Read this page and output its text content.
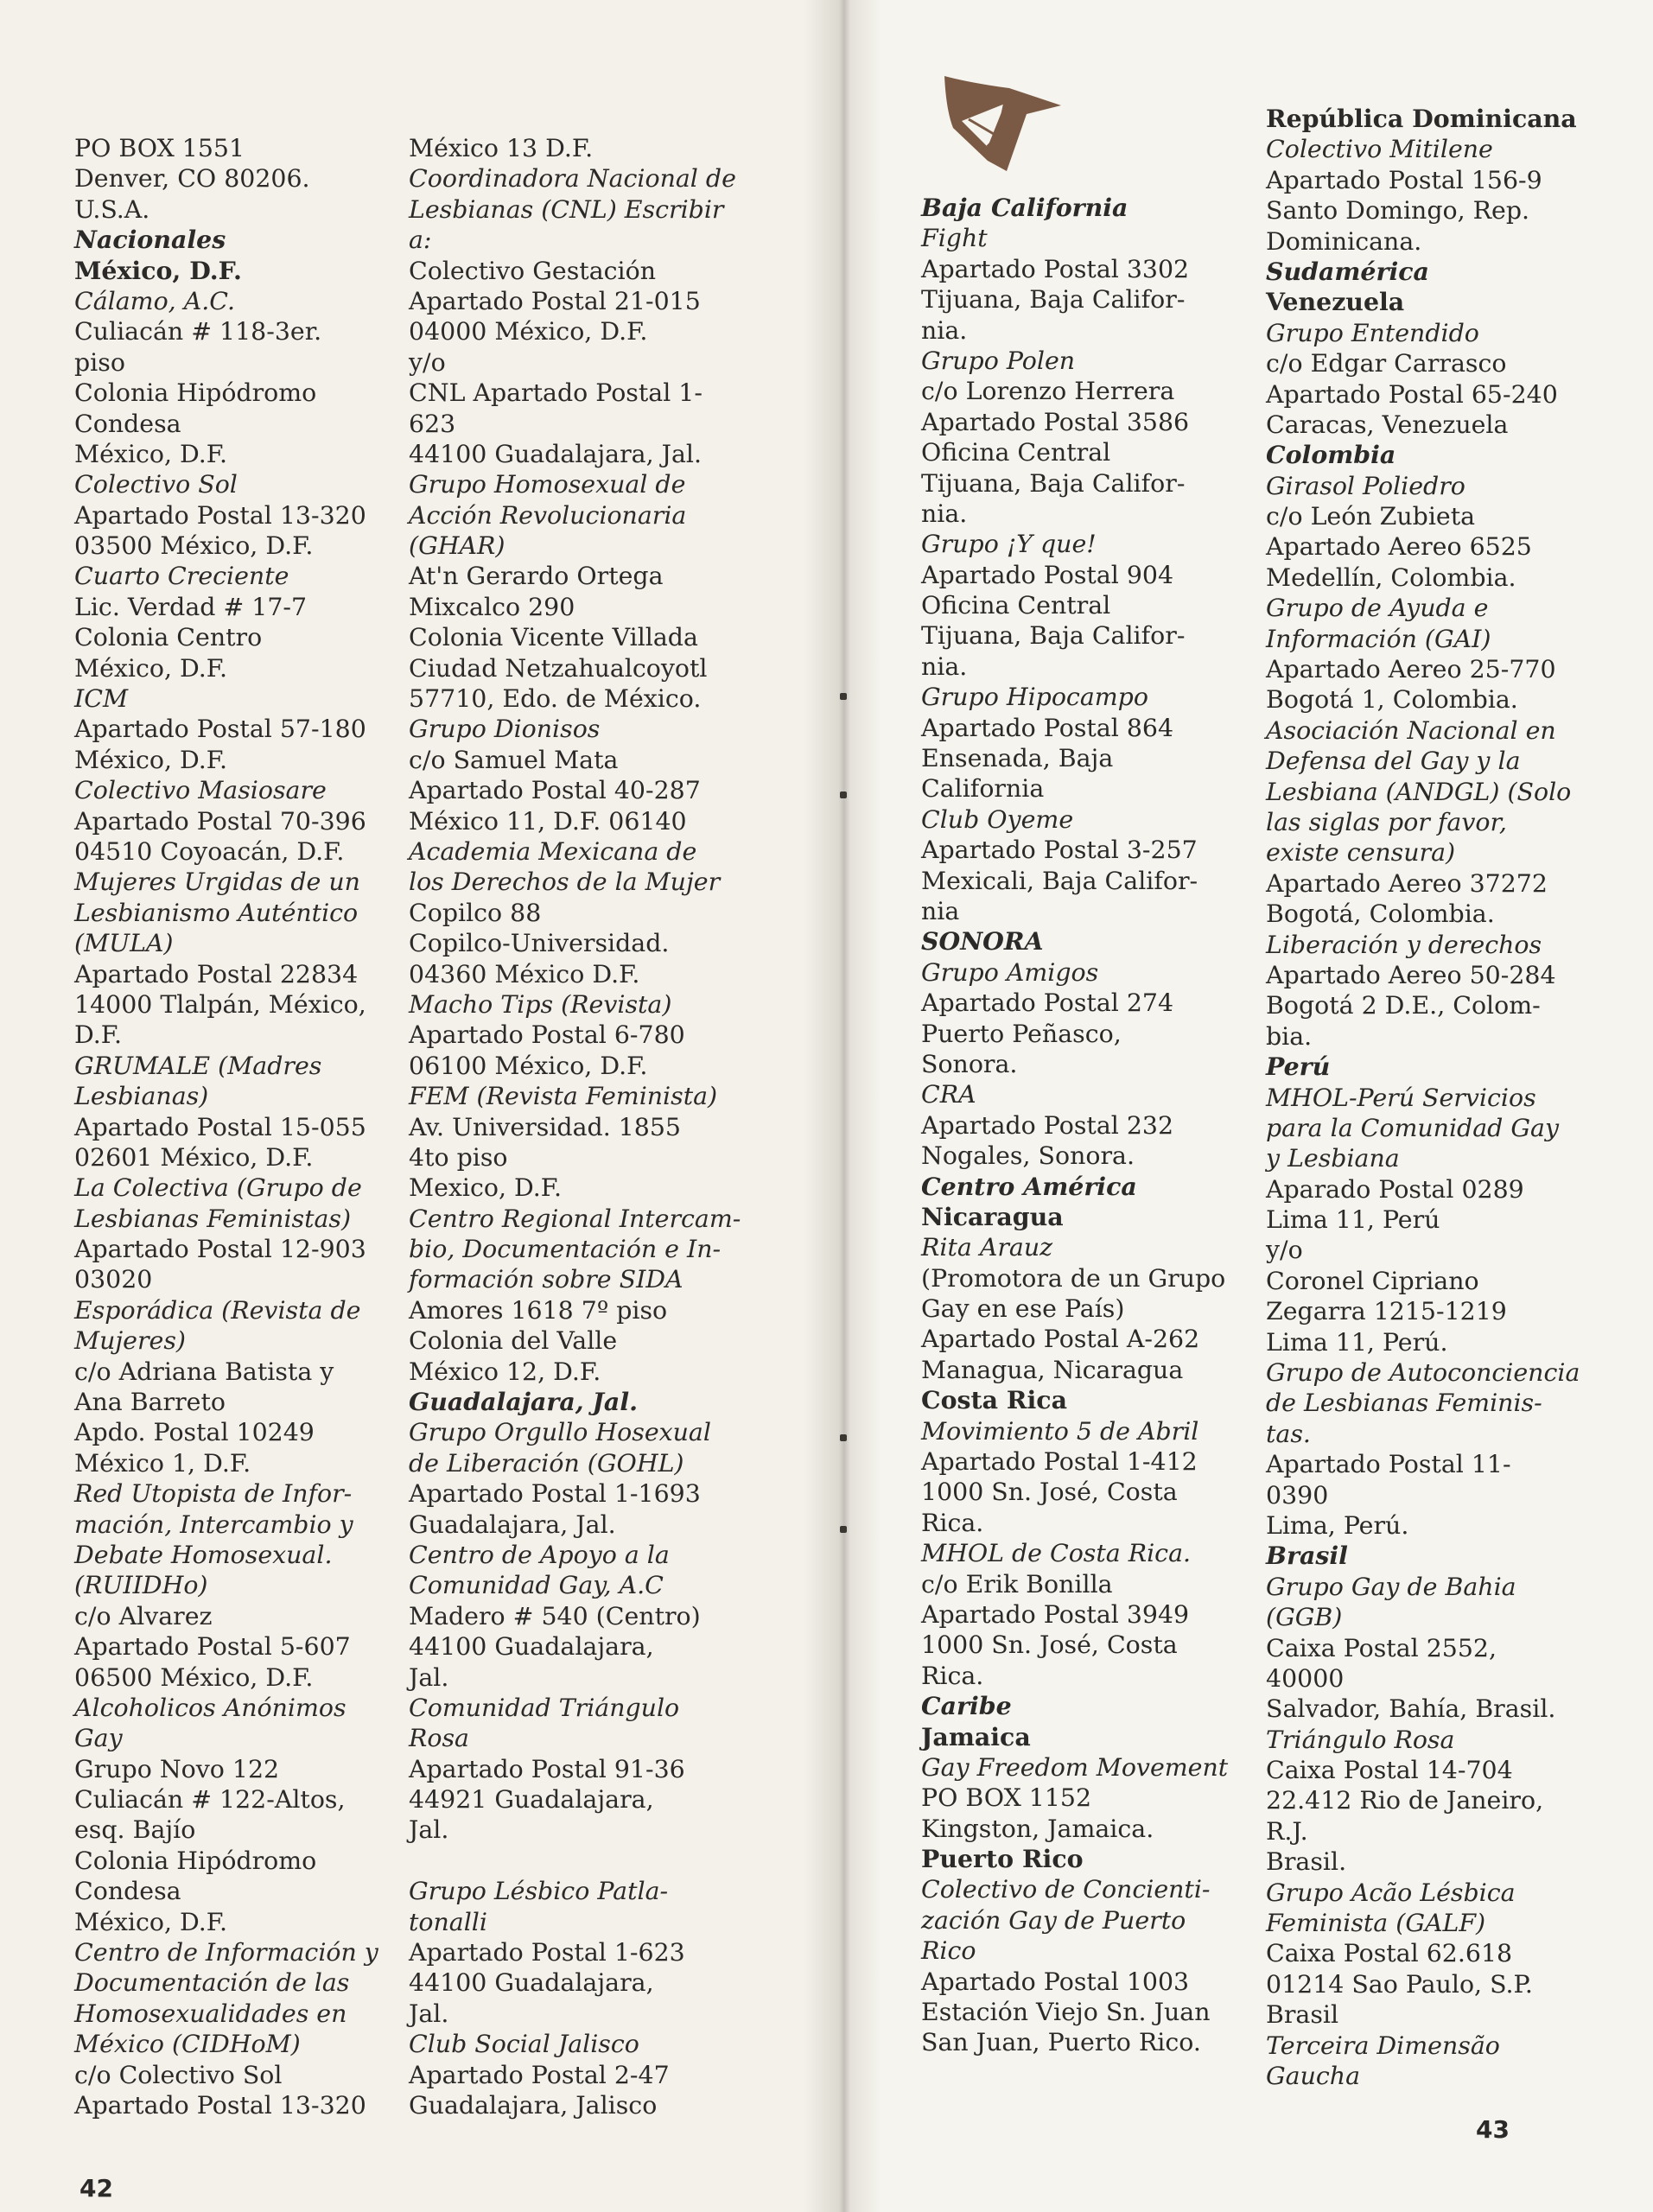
PO BOX 1551
Denver, CO 80206.
U.S.A.
Nacionales
México, D.F.
Cálamo, A.C.
Culiacán # 118-3er.
piso
Colonia Hipódromo
Condesa
México, D.F.
Colectivo Sol
Apartado Postal 13-320
03500 México, D.F.
Cuarto Creciente
Lic. Verdad # 17-7
Colonia Centro
México, D.F.
ICM
Apartado Postal 57-180
México, D.F.
Colectivo Masiosare
Apartado Postal 70-396
04510 Coyoacán, D.F.
Mujeres Urgidas de un
Lesbianismo Auténtico
(MULA)
Apartado Postal 22834
14000 Tlalpán, México,
D.F.
GRUMALE (Madres
Lesbianas)
Apartado Postal 15-055
02601 México, D.F.
La Colectiva (Grupo de
Lesbianas Feministas)
Apartado Postal 12-903
03020
Esporádica (Revista de
Mujeres)
c/o Adriana Batista y
Ana Barreto
Apdo. Postal 10249
México 1, D.F.
Red Utopista de Infor-
mación, Intercambio y
Debate Homosexual.
(RUIIDHo)
c/o Alvarez
Apartado Postal 5-607
06500 México, D.F.
Alcoholicos Anónimos
Gay
Grupo Novo 122
Culiacán # 122-Altos,
esq. Bajío
Colonia Hipódromo
Condesa
México, D.F.
Centro de Información y
Documentación de las
Homosexualidades en
México (CIDHoM)
c/o Colectivo Sol
Apartado Postal 13-320
México 13 D.F.
Coordinadora Nacional de
Lesbianas (CNL) Escribir
a:
Colectivo Gestación
Apartado Postal 21-015
04000 México, D.F.
y/o
CNL Apartado Postal 1-
623
44100 Guadalajara, Jal.
Grupo Homosexual de
Acción Revolucionaria
(GHAR)
At'n Gerardo Ortega
Mixcalco 290
Colonia Vicente Villada
Ciudad Netzahualcoyotl
57710, Edo. de México.
Grupo Dionisos
c/o Samuel Mata
Apartado Postal 40-287
México 11, D.F. 06140
Academia Mexicana de
los Derechos de la Mujer
Copilco 88
Copilco-Universidad.
04360 México D.F.
Macho Tips (Revista)
Apartado Postal 6-780
06100 México, D.F.
FEM (Revista Feminista)
Av. Universidad. 1855
4to piso
Mexico, D.F.
Centro Regional Intercam-
bio, Documentación e In-
formación sobre SIDA
Amores 1618 7º piso
Colonia del Valle
México 12, D.F.
Guadalajara, Jal.
Grupo Orgullo Hosexual
de Liberación (GOHL)
Apartado Postal 1-1693
Guadalajara, Jal.
Centro de Apoyo a la
Comunidad Gay, A.C
Madero # 540 (Centro)
44100 Guadalajara,
Jal.
Comunidad Triángulo
Rosa
Apartado Postal 91-36
44921 Guadalajara,
Jal.
Grupo Lésbico Patla-
tonalli
Apartado Postal 1-623
44100 Guadalajara,
Jal.
Club Social Jalisco
Apartado Postal 2-47
Guadalajara, Jalisco
Baja California
Fight
Apartado Postal 3302
Tijuana, Baja Califor-
nia.
Grupo Polen
c/o Lorenzo Herrera
Apartado Postal 3586
Oficina Central
Tijuana, Baja Califor-
nia.
Grupo ¡Y que!
Apartado Postal 904
Oficina Central
Tijuana, Baja Califor-
nia.
Grupo Hipocampo
Apartado Postal 864
Ensenada, Baja
California
Club Oyeme
Apartado Postal 3-257
Mexicali, Baja Califor-
nia
SONORA
Grupo Amigos
Apartado Postal 274
Puerto Peñasco,
Sonora.
CRA
Apartado Postal 232
Nogales, Sonora.
Centro América
Nicaragua
Rita Arauz
(Promotora de un Grupo
Gay en ese País)
Apartado Postal A-262
Managua, Nicaragua
Costa Rica
Movimiento 5 de Abril
Apartado Postal 1-412
1000 Sn. José, Costa
Rica.
MHOL de Costa Rica.
c/o Erik Bonilla
Apartado Postal 3949
1000 Sn. José, Costa
Rica.
Caribe
Jamaica
Gay Freedom Movement
PO BOX 1152
Kingston, Jamaica.
Puerto Rico
Colectivo de Concienti-
zación Gay de Puerto
Rico
Apartado Postal 1003
Estación Viejo Sn. Juan
San Juan, Puerto Rico.
República Dominicana
Colectivo Mitilene
Apartado Postal 156-9
Santo Domingo, Rep.
Dominicana.
Sudamérica
Venezuela
Grupo Entendido
c/o Edgar Carrasco
Apartado Postal 65-240
Caracas, Venezuela
Colombia
Girasol Poliedro
c/o León Zubieta
Apartado Aereo 6525
Medellín, Colombia.
Grupo de Ayuda e
Información (GAI)
Apartado Aereo 25-770
Bogotá 1, Colombia.
Asociación Nacional en
Defensa del Gay y la
Lesbiana (ANDGL) (Solo
las siglas por favor,
existe censura)
Apartado Aereo 37272
Bogotá, Colombia.
Liberación y derechos
Apartado Aereo 50-284
Bogotá 2 D.E., Colom-
bia.
Perú
MHOL-Perú Servicios
para la Comunidad Gay
y Lesbiana
Aparado Postal 0289
Lima 11, Perú
y/o
Coronel Cipriano
Zegarra 1215-1219
Lima 11, Perú.
Grupo de Autoconciencia
de Lesbianas Feminis-
tas.
Apartado Postal 11-
0390
Lima, Perú.
Brasil
Grupo Gay de Bahia
(GGB)
Caixa Postal 2552,
40000
Salvador, Bahía, Brasil.
Triángulo Rosa
Caixa Postal 14-704
22.412 Rio de Janeiro,
R.J.
Brasil.
Grupo Acão Lésbica
Feminista (GALF)
Caixa Postal 62.618
01214 Sao Paulo, S.P.
Brasil
Terceira Dimensão
Gaucha
42
43
